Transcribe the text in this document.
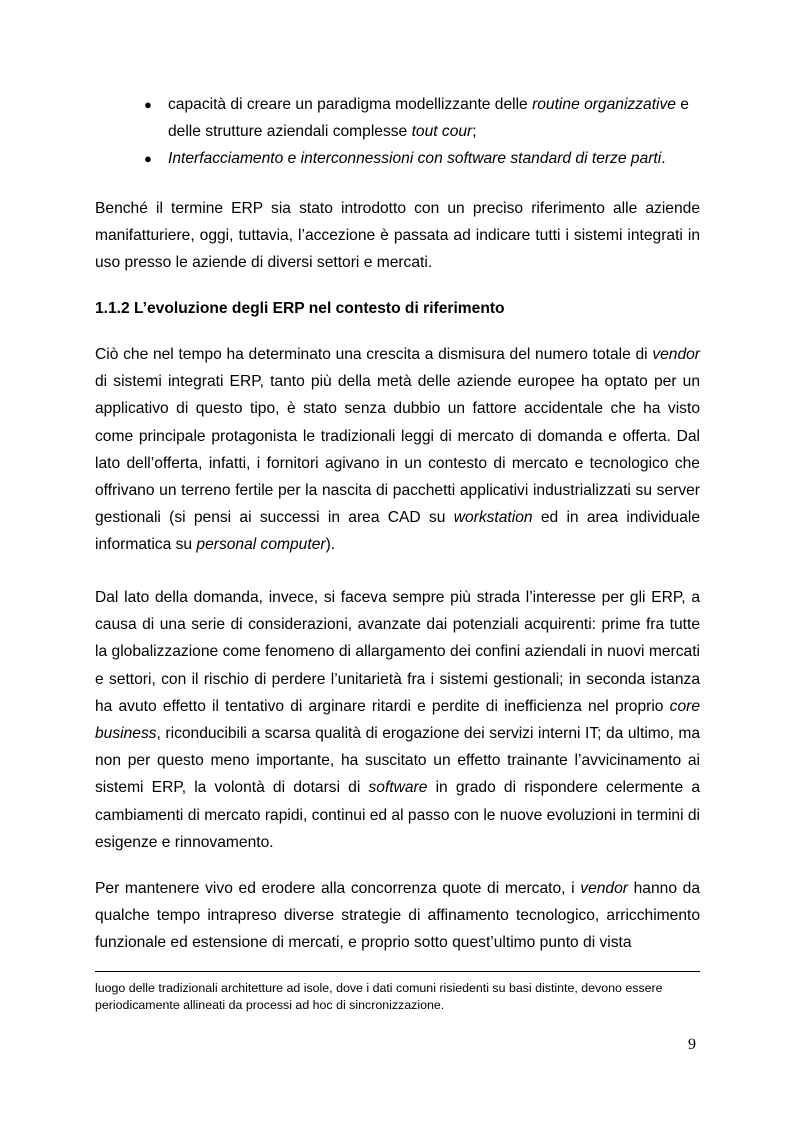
● capacità di creare un paradigma modellizzante delle routine organizzative e delle strutture aziendali complesse tout cour;
● Interfacciamento e interconnessioni con software standard di terze parti.

Benché il termine ERP sia stato introdotto con un preciso riferimento alle aziende manifatturiere, oggi, tuttavia, l’accezione è passata ad indicare tutti i sistemi integrati in uso presso le aziende di diversi settori e mercati.

1.1.2 L’evoluzione degli ERP nel contesto di riferimento

Ciò che nel tempo ha determinato una crescita a dismisura del numero totale di vendor di sistemi integrati ERP, tanto più della metà delle aziende europee ha optato per un applicativo di questo tipo, è stato senza dubbio un fattore accidentale che ha visto come principale protagonista le tradizionali leggi di mercato di domanda e offerta. Dal lato dell’offerta, infatti, i fornitori agivano in un contesto di mercato e tecnologico che offrivano un terreno fertile per la nascita di pacchetti applicativi industrializzati su server gestionali (si pensi ai successi in area CAD su workstation ed in area individuale informatica su personal computer).

Dal lato della domanda, invece, si faceva sempre più strada l’interesse per gli ERP, a causa di una serie di considerazioni, avanzate dai potenziali acquirenti: prime fra tutte la globalizzazione come fenomeno di allargamento dei confini aziendali in nuovi mercati e settori, con il rischio di perdere l’unitarietà fra i sistemi gestionali; in seconda istanza ha avuto effetto il tentativo di arginare ritardi e perdite di inefficienza nel proprio core business, riconducibili a scarsa qualità di erogazione dei servizi interni IT; da ultimo, ma non per questo meno importante, ha suscitato un effetto trainante l’avvicinamento ai sistemi ERP, la volontà di dotarsi di software in grado di rispondere celermente a cambiamenti di mercato rapidi, continui ed al passo con le nuove evoluzioni in termini di esigenze e rinnovamento.

Per mantenere vivo ed erodere alla concorrenza quote di mercato, i vendor hanno da qualche tempo intrapreso diverse strategie di affinamento tecnologico, arricchimento funzionale ed estensione di mercati, e proprio sotto quest’ultimo punto di vista

luogo delle tradizionali architetture ad isole, dove i dati comuni risiedenti su basi distinte, devono essere periodicamente allineati da processi ad hoc di sincronizzazione.
9
